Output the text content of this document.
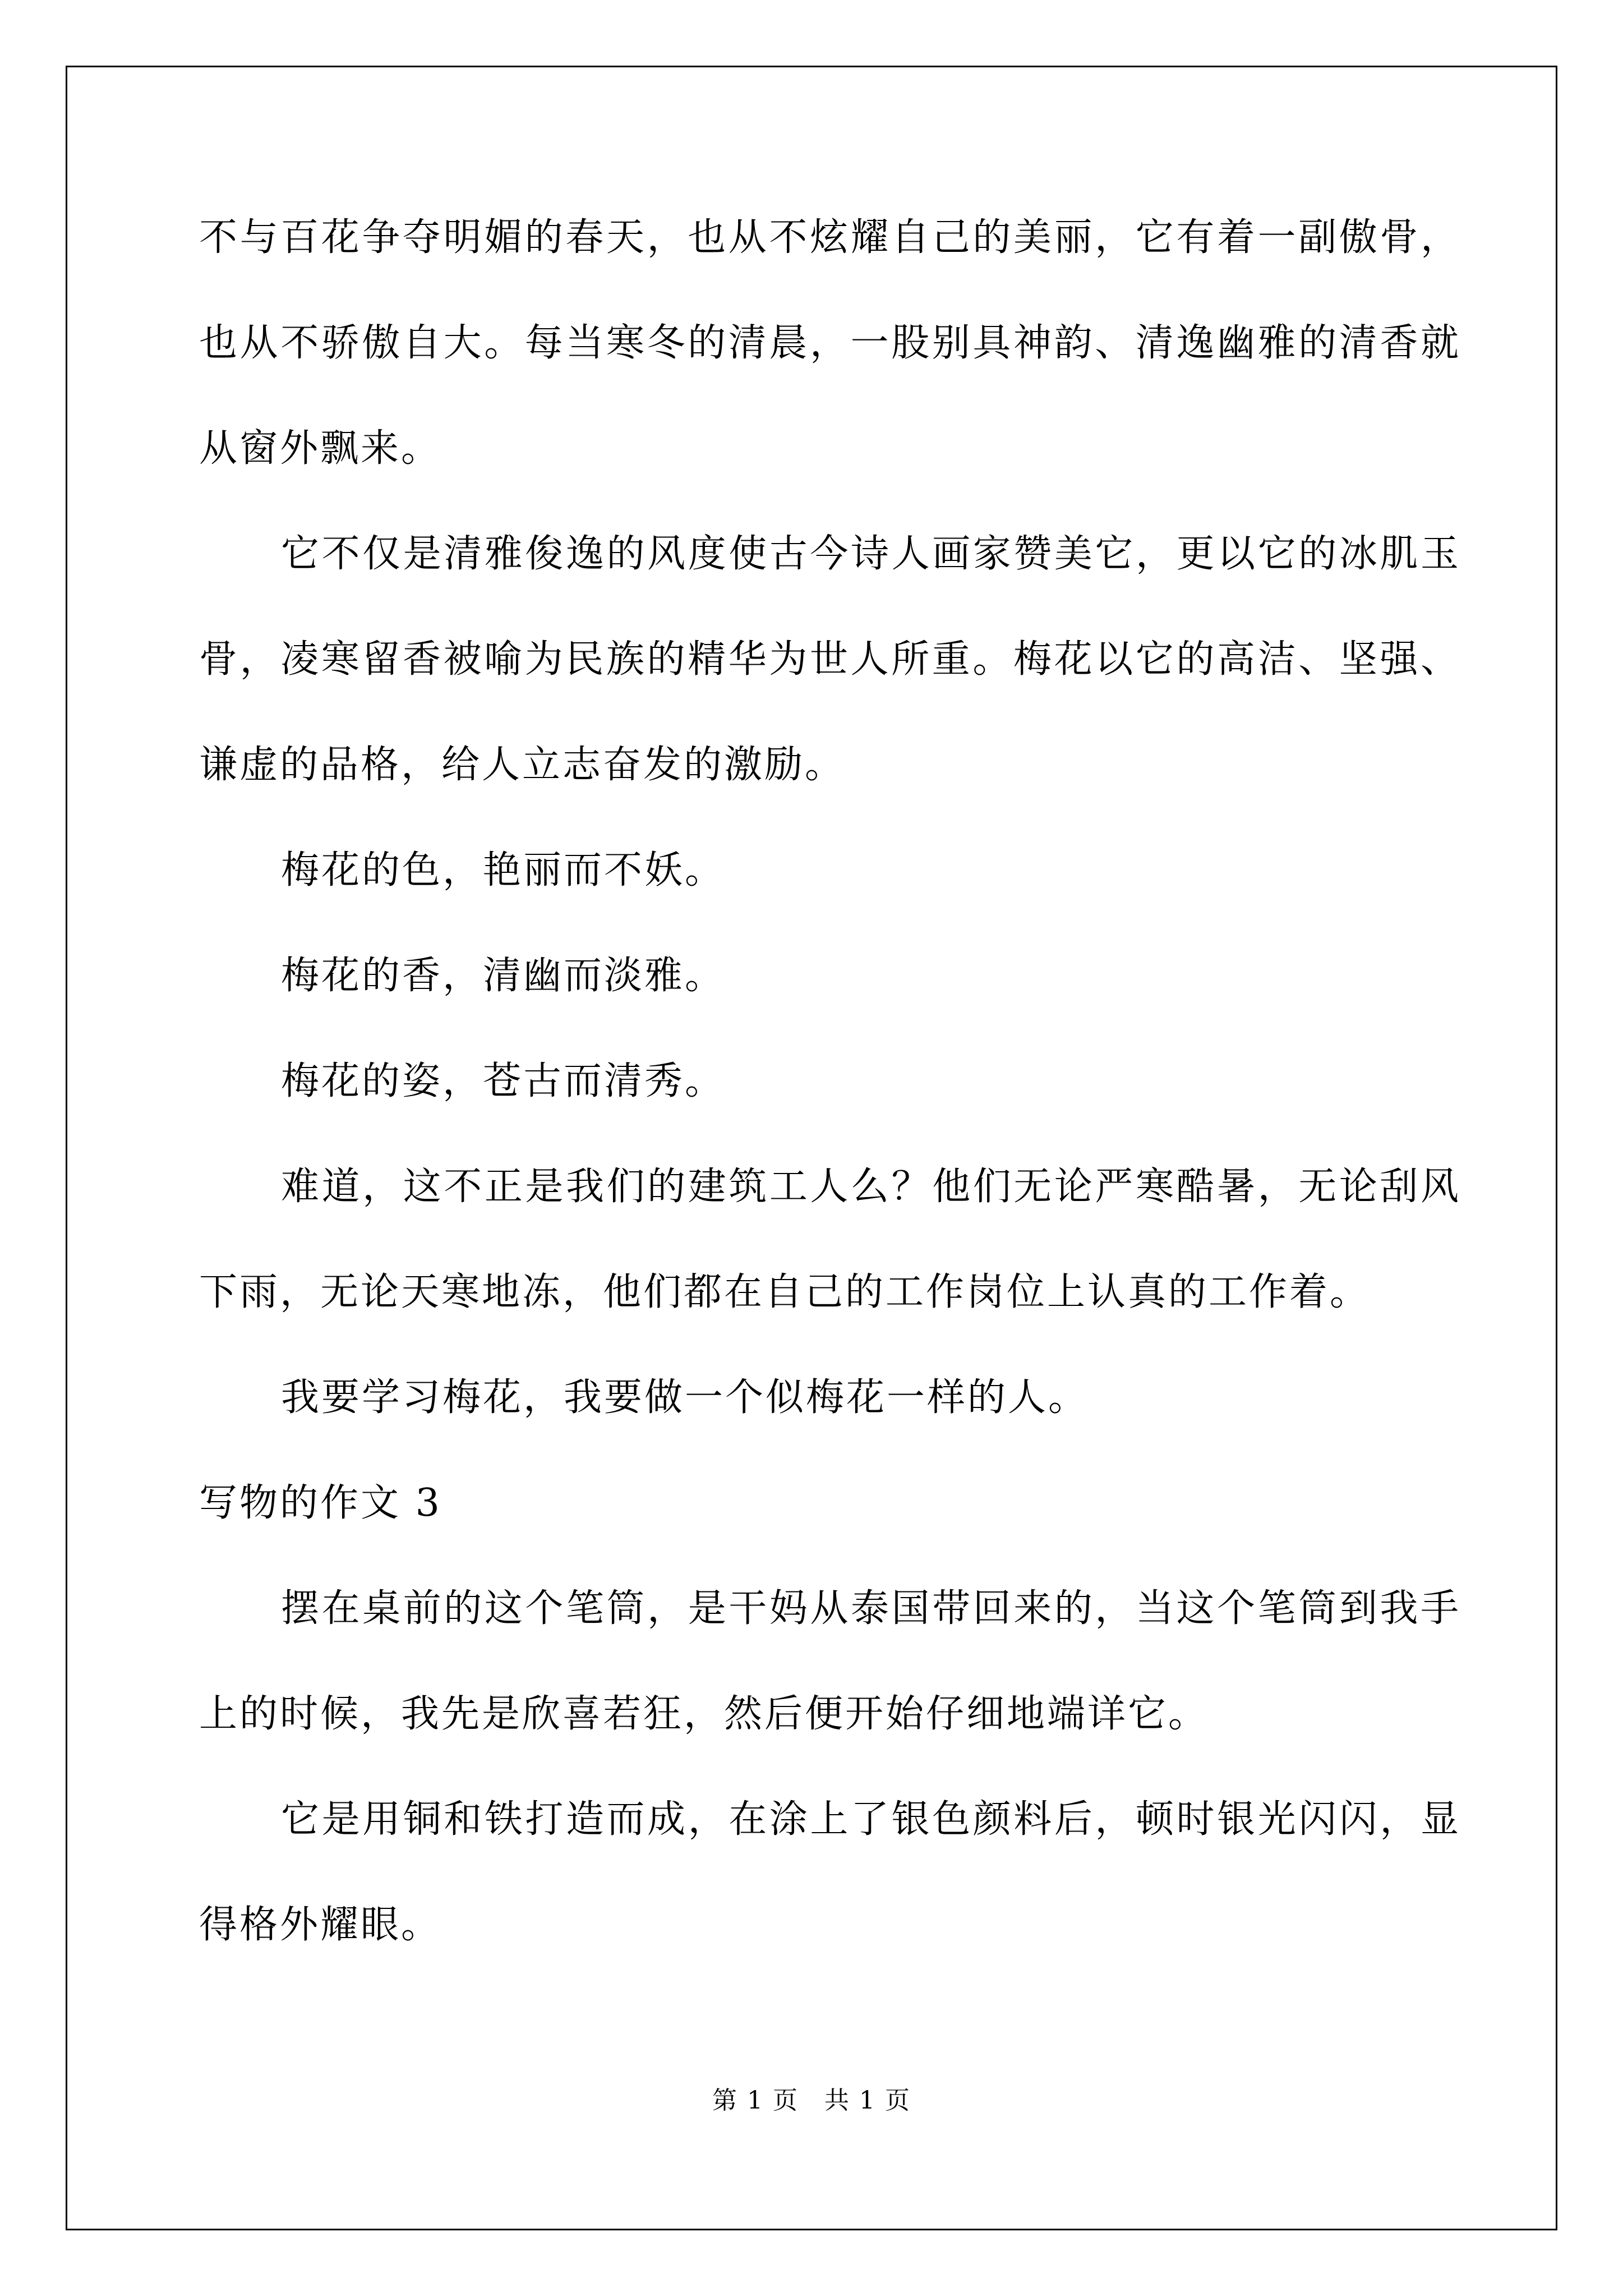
不与百花争夺明媚的春天，也从不炫耀自己的美丽，它有着一副傲骨，也从不骄傲自大。每当寒冬的清晨，一股别具神韵、清逸幽雅的清香就从窗外飘来。

它不仅是清雅俊逸的风度使古今诗人画家赞美它，更以它的冰肌玉骨，凌寒留香被喻为民族的精华为世人所重。梅花以它的高洁、坚强、谦虚的品格，给人立志奋发的激励。

梅花的色，艳丽而不妖。

梅花的香，清幽而淡雅。

梅花的姿，苍古而清秀。

难道，这不正是我们的建筑工人么？他们无论严寒酷暑，无论刮风下雨，无论天寒地冻，他们都在自己的工作岗位上认真的工作着。

我要学习梅花，我要做一个似梅花一样的人。

写物的作文 3

摆在桌前的这个笔筒，是干妈从泰国带回来的，当这个笔筒到我手上的时候，我先是欣喜若狂，然后便开始仔细地端详它。

它是用铜和铁打造而成，在涂上了银色颜料后，顿时银光闪闪，显得格外耀眼。

第 1 页　共 1 页
